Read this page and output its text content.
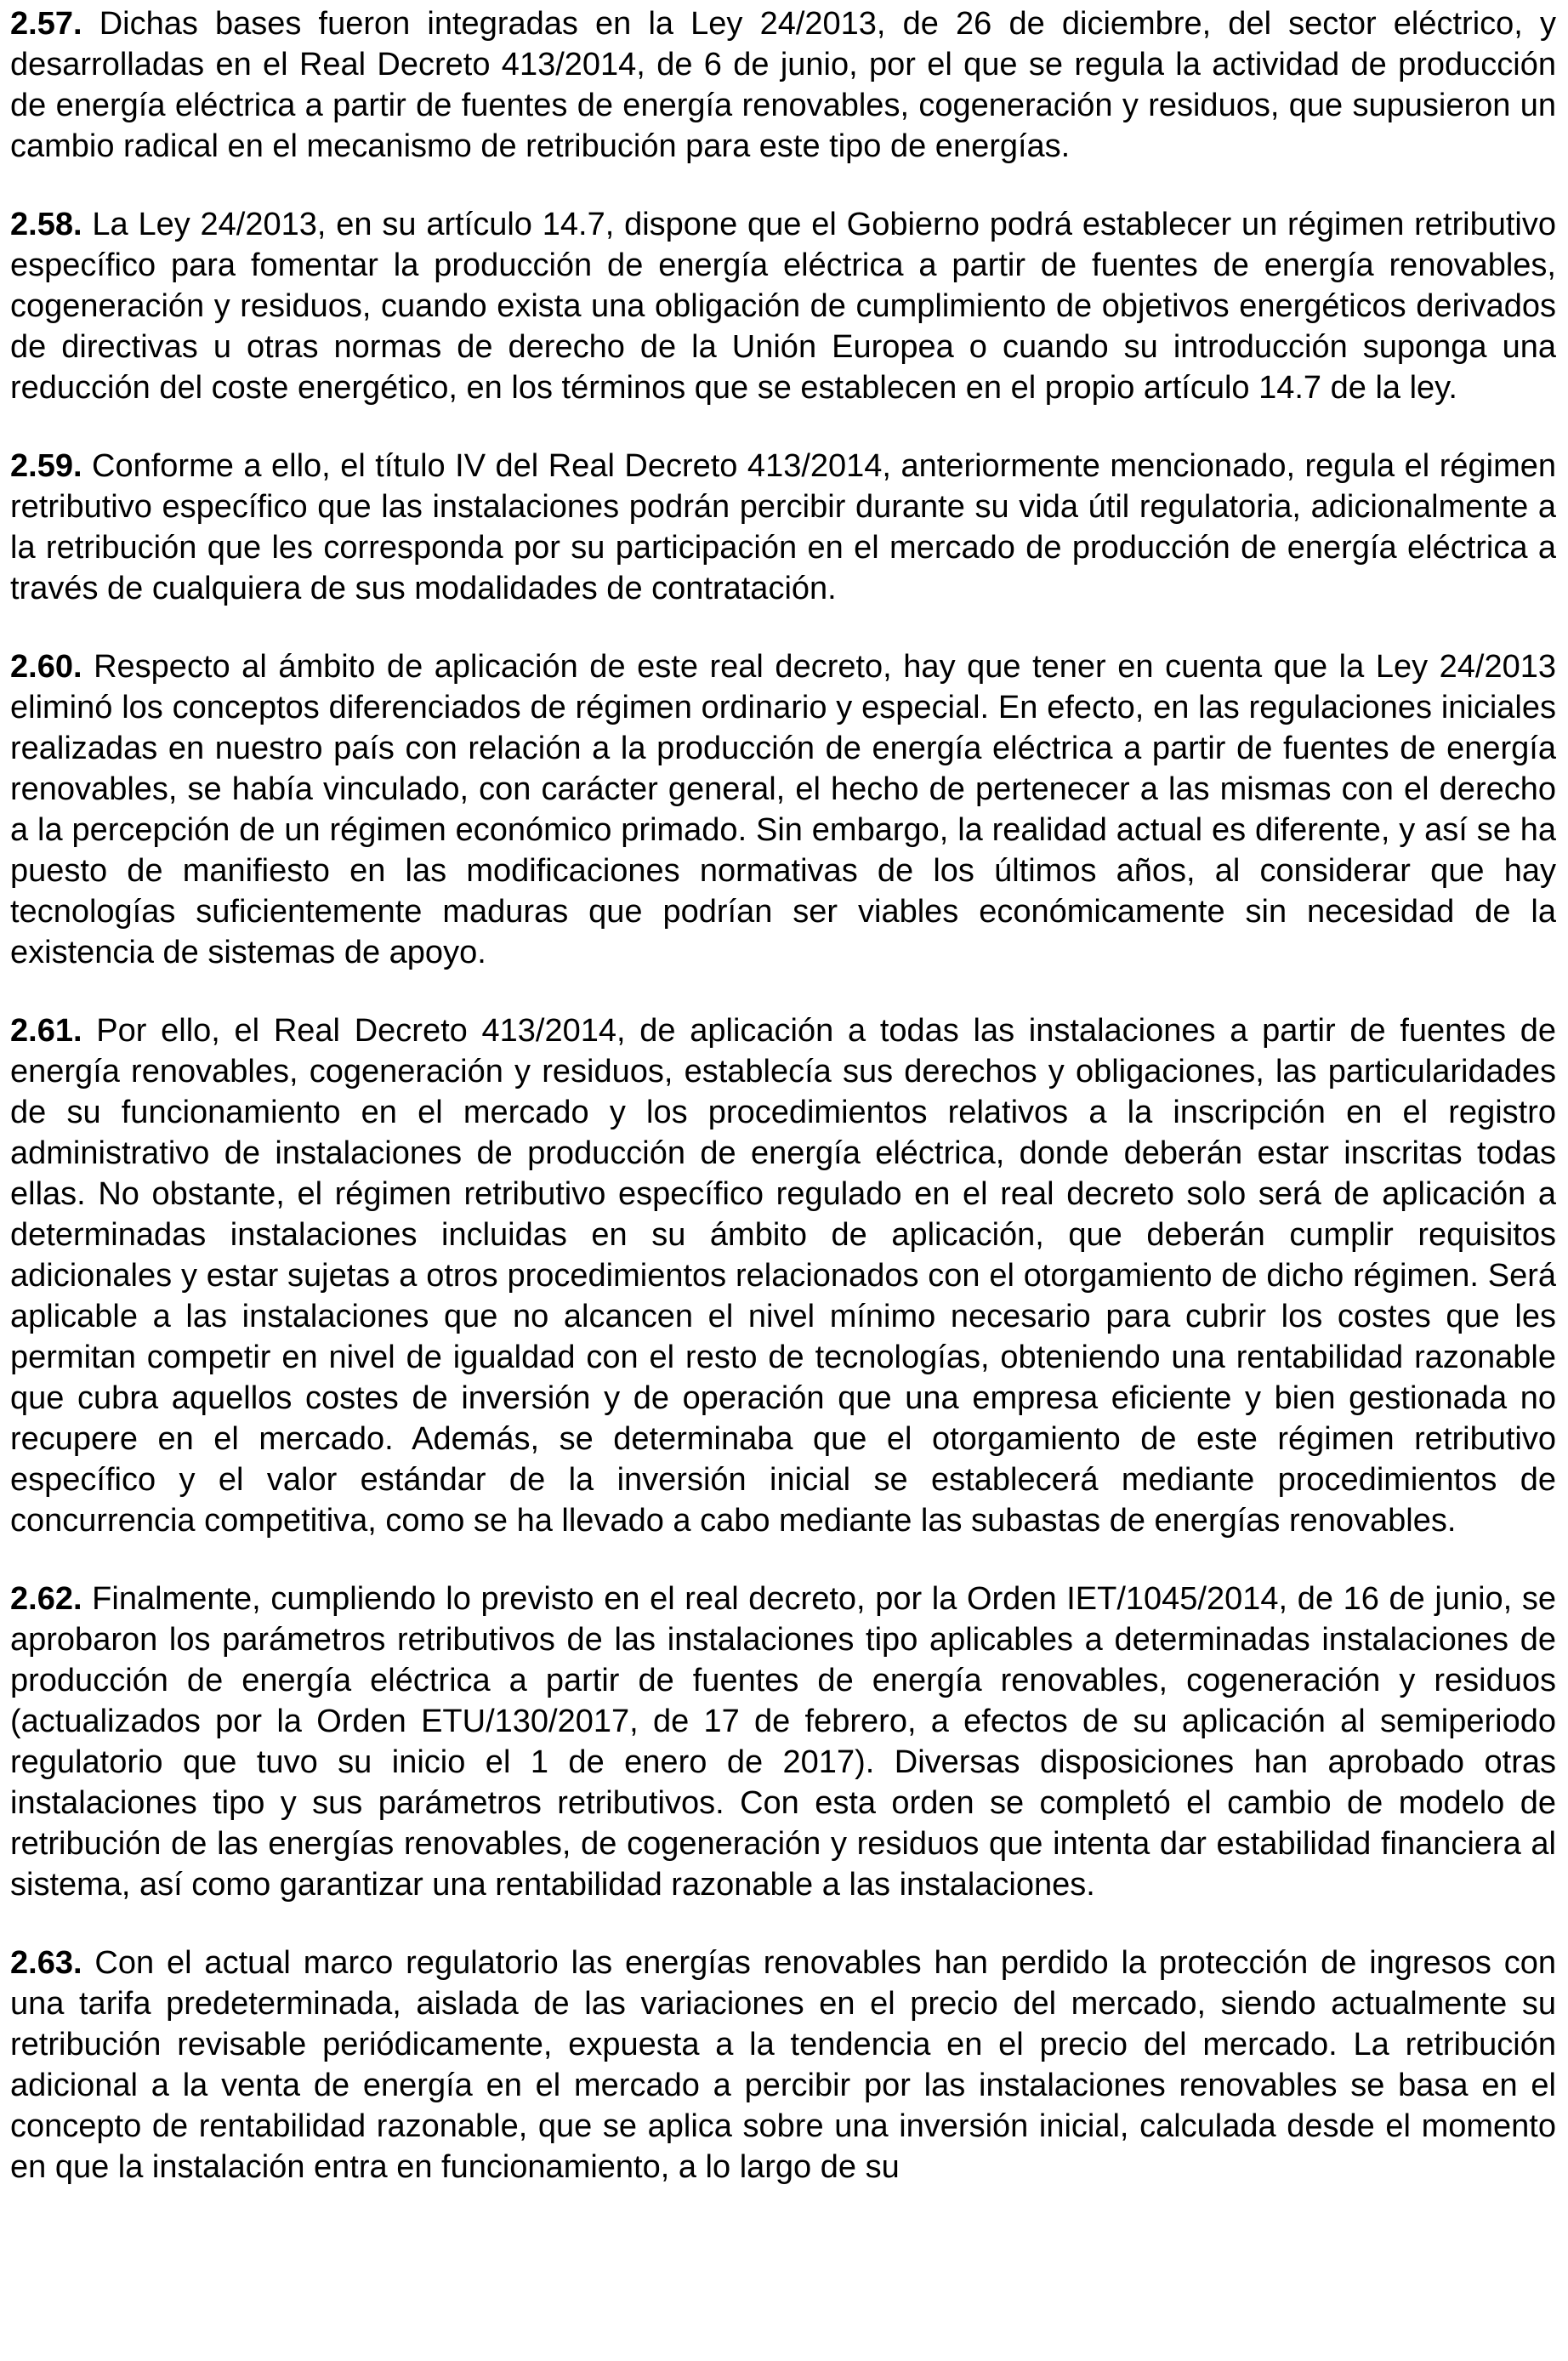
2.57. Dichas bases fueron integradas en la Ley 24/2013, de 26 de diciembre, del sector eléctrico, y desarrolladas en el Real Decreto 413/2014, de 6 de junio, por el que se regula la actividad de producción de energía eléctrica a partir de fuentes de energía renovables, cogeneración y residuos, que supusieron un cambio radical en el mecanismo de retribución para este tipo de energías.

2.58. La Ley 24/2013, en su artículo 14.7, dispone que el Gobierno podrá establecer un régimen retributivo específico para fomentar la producción de energía eléctrica a partir de fuentes de energía renovables, cogeneración y residuos, cuando exista una obligación de cumplimiento de objetivos energéticos derivados de directivas u otras normas de derecho de la Unión Europea o cuando su introducción suponga una reducción del coste energético, en los términos que se establecen en el propio artículo 14.7 de la ley.

2.59. Conforme a ello, el título IV del Real Decreto 413/2014, anteriormente mencionado, regula el régimen retributivo específico que las instalaciones podrán percibir durante su vida útil regulatoria, adicionalmente a la retribución que les corresponda por su participación en el mercado de producción de energía eléctrica a través de cualquiera de sus modalidades de contratación.

2.60. Respecto al ámbito de aplicación de este real decreto, hay que tener en cuenta que la Ley 24/2013 eliminó los conceptos diferenciados de régimen ordinario y especial. En efecto, en las regulaciones iniciales realizadas en nuestro país con relación a la producción de energía eléctrica a partir de fuentes de energía renovables, se había vinculado, con carácter general, el hecho de pertenecer a las mismas con el derecho a la percepción de un régimen económico primado. Sin embargo, la realidad actual es diferente, y así se ha puesto de manifiesto en las modificaciones normativas de los últimos años, al considerar que hay tecnologías suficientemente maduras que podrían ser viables económicamente sin necesidad de la existencia de sistemas de apoyo.

2.61. Por ello, el Real Decreto 413/2014, de aplicación a todas las instalaciones a partir de fuentes de energía renovables, cogeneración y residuos, establecía sus derechos y obligaciones, las particularidades de su funcionamiento en el mercado y los procedimientos relativos a la inscripción en el registro administrativo de instalaciones de producción de energía eléctrica, donde deberán estar inscritas todas ellas. No obstante, el régimen retributivo específico regulado en el real decreto solo será de aplicación a determinadas instalaciones incluidas en su ámbito de aplicación, que deberán cumplir requisitos adicionales y estar sujetas a otros procedimientos relacionados con el otorgamiento de dicho régimen. Será aplicable a las instalaciones que no alcancen el nivel mínimo necesario para cubrir los costes que les permitan competir en nivel de igualdad con el resto de tecnologías, obteniendo una rentabilidad razonable que cubra aquellos costes de inversión y de operación que una empresa eficiente y bien gestionada no recupere en el mercado. Además, se determinaba que el otorgamiento de este régimen retributivo específico y el valor estándar de la inversión inicial se establecerá mediante procedimientos de concurrencia competitiva, como se ha llevado a cabo mediante las subastas de energías renovables.

2.62. Finalmente, cumpliendo lo previsto en el real decreto, por la Orden IET/1045/2014, de 16 de junio, se aprobaron los parámetros retributivos de las instalaciones tipo aplicables a determinadas instalaciones de producción de energía eléctrica a partir de fuentes de energía renovables, cogeneración y residuos (actualizados por la Orden ETU/130/2017, de 17 de febrero, a efectos de su aplicación al semiperiodo regulatorio que tuvo su inicio el 1 de enero de 2017). Diversas disposiciones han aprobado otras instalaciones tipo y sus parámetros retributivos. Con esta orden se completó el cambio de modelo de retribución de las energías renovables, de cogeneración y residuos que intenta dar estabilidad financiera al sistema, así como garantizar una rentabilidad razonable a las instalaciones.

2.63. Con el actual marco regulatorio las energías renovables han perdido la protección de ingresos con una tarifa predeterminada, aislada de las variaciones en el precio del mercado, siendo actualmente su retribución revisable periódicamente, expuesta a la tendencia en el precio del mercado. La retribución adicional a la venta de energía en el mercado a percibir por las instalaciones renovables se basa en el concepto de rentabilidad razonable, que se aplica sobre una inversión inicial, calculada desde el momento en que la instalación entra en funcionamiento, a lo largo de su
